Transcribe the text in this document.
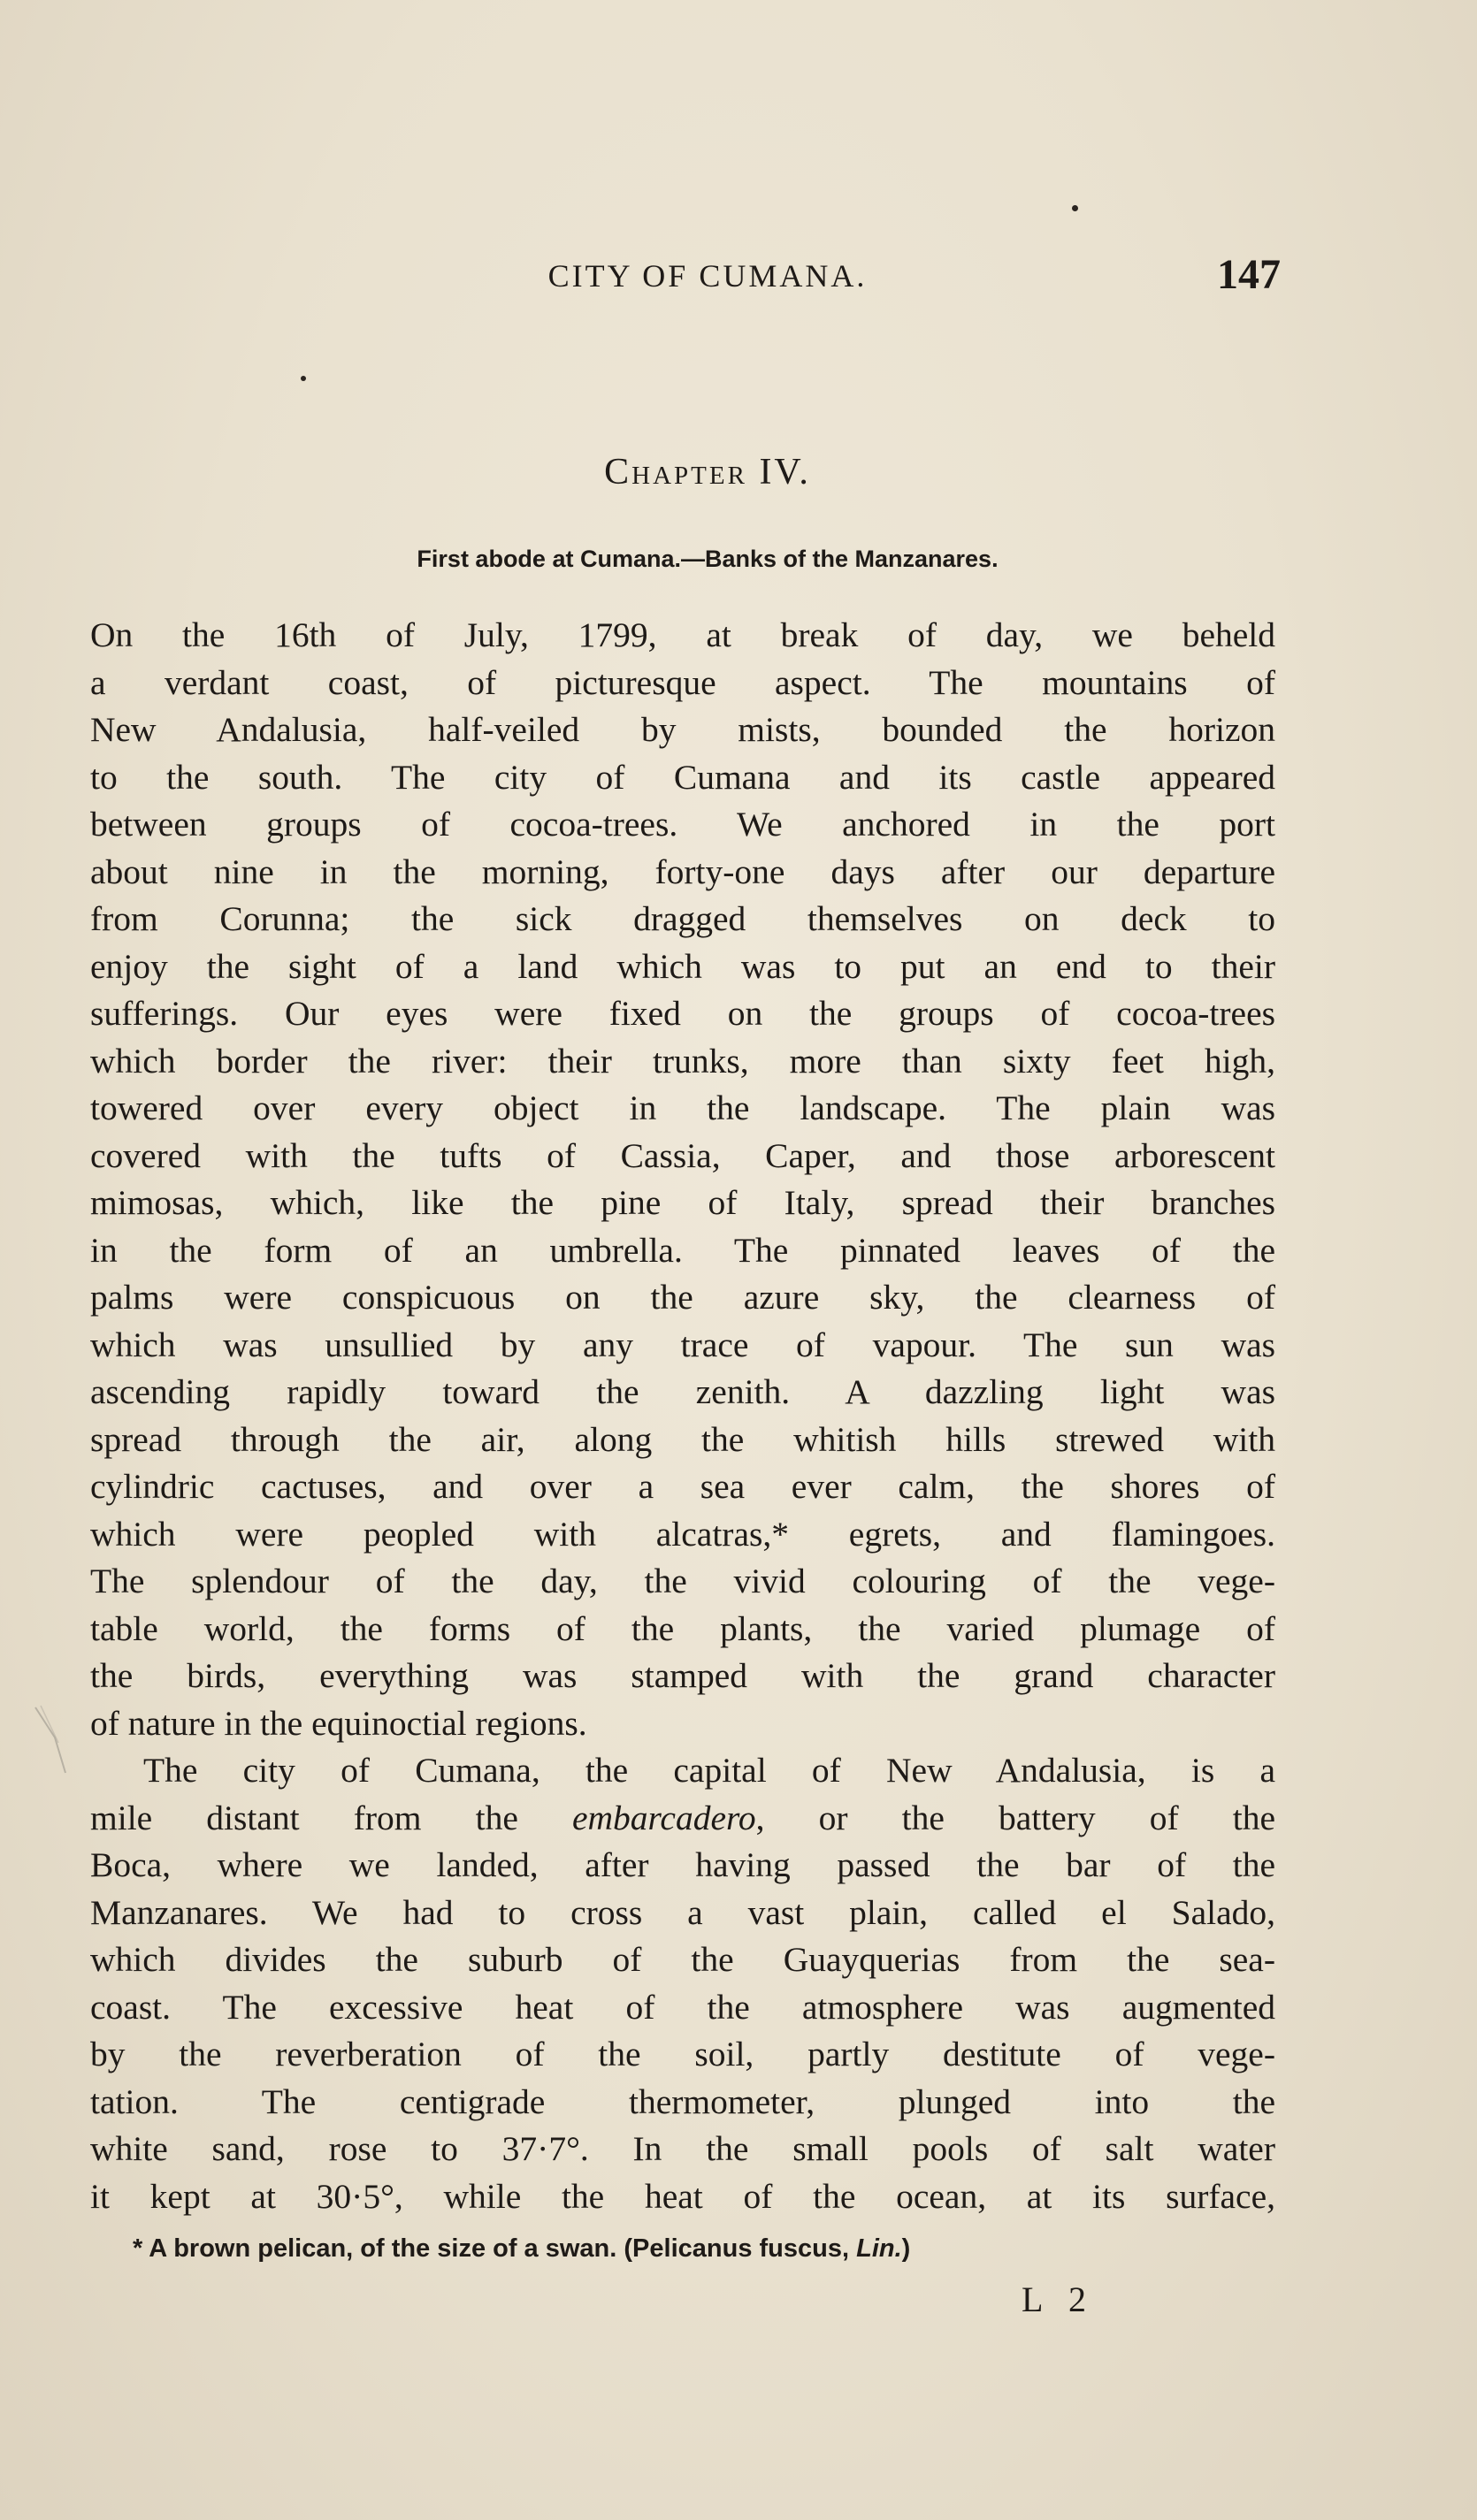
CITY OF CUMANA.	147
Chapter IV.
First abode at Cumana.—Banks of the Manzanares.
On the 16th of July, 1799, at break of day, we beheld
a verdant coast, of picturesque aspect. The mountains of
New Andalusia, half-veiled by mists, bounded the horizon
to the south. The city of Cumana and its castle appeared
between groups of cocoa-trees. We anchored in the port
about nine in the morning, forty-one days after our departure
from Corunna; the sick dragged themselves on deck to
enjoy the sight of a land which was to put an end to their
sufferings. Our eyes were fixed on the groups of cocoa-trees
which border the river: their trunks, more than sixty feet high,
towered over every object in the landscape. The plain was
covered with the tufts of Cassia, Caper, and those arborescent
mimosas, which, like the pine of Italy, spread their branches
in the form of an umbrella. The pinnated leaves of the
palms were conspicuous on the azure sky, the clearness of
which was unsullied by any trace of vapour. The sun was
ascending rapidly toward the zenith. A dazzling light was
spread through the air, along the whitish hills strewed with
cylindric cactuses, and over a sea ever calm, the shores of
which were peopled with alcatras,* egrets, and flamingoes.
The splendour of the day, the vivid colouring of the vege-
table world, the forms of the plants, the varied plumage of
the birds, everything was stamped with the grand character
of nature in the equinoctial regions.
The city of Cumana, the capital of New Andalusia, is a
mile distant from the embarcadero, or the battery of the
Boca, where we landed, after having passed the bar of the
Manzanares. We had to cross a vast plain, called el Salado,
which divides the suburb of the Guayquerias from the sea-
coast. The excessive heat of the atmosphere was augmented
by the reverberation of the soil, partly destitute of vege-
tation. The centigrade thermometer, plunged into the
white sand, rose to 37·7°. In the small pools of salt water
it kept at 30·5°, while the heat of the ocean, at its surface,
* A brown pelican, of the size of a swan. (Pelicanus fuscus, Lin.)
L 2
